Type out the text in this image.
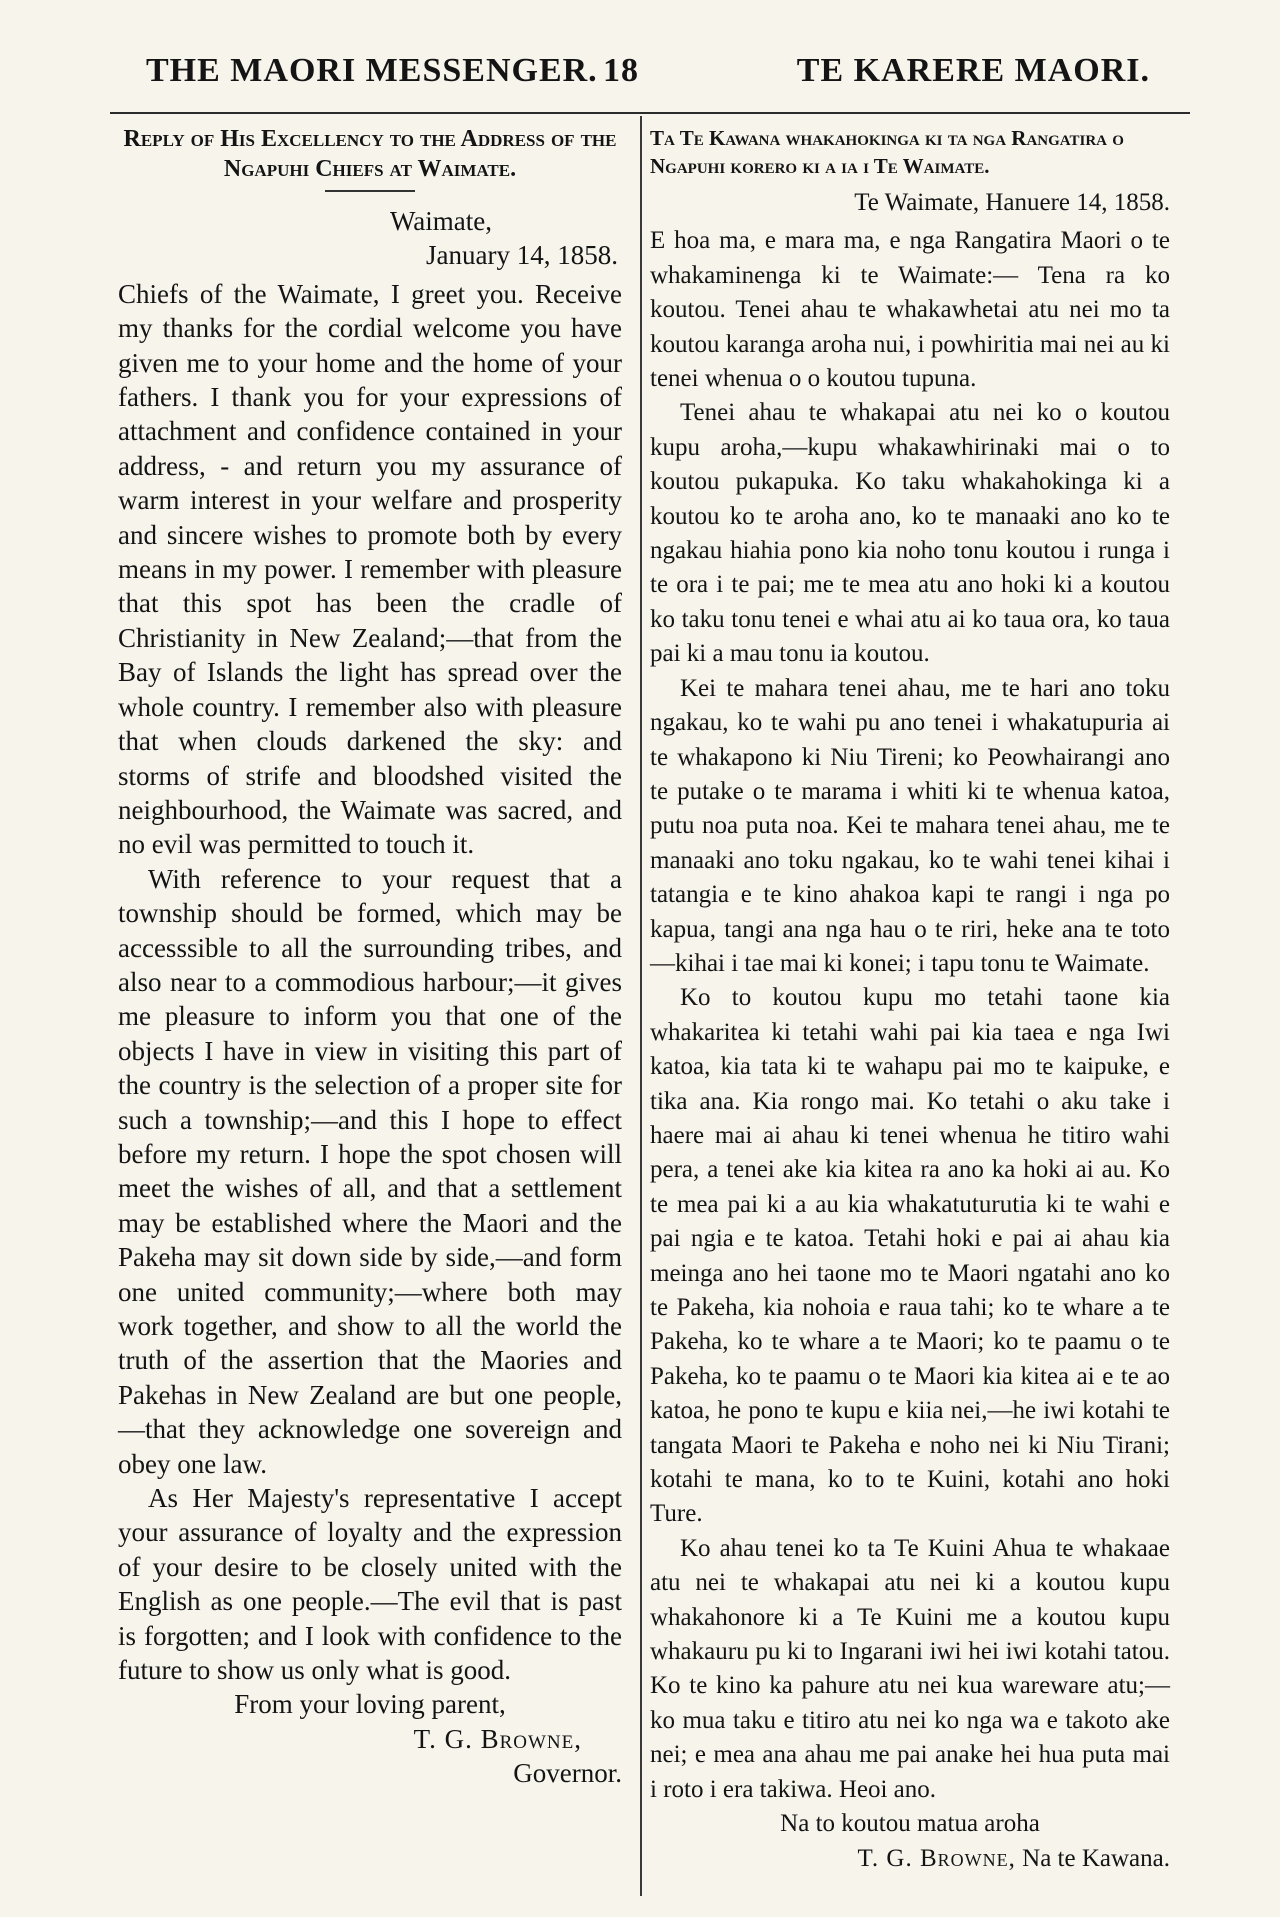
THE MAORI MESSENGER. 18	TE KARERE MAORI.
Reply of His Excellency to the Address of the Ngapuhi Chiefs at Waimate.

Waimate,

January 14, 1858.

Chiefs of the Waimate, I greet you. Receive my thanks for the cordial welcome you have given me to your home and the home of your fathers. I thank you for your expressions of attachment and confidence contained in your address, - and return you my assurance of warm interest in your welfare and prosperity and sincere wishes to promote both by every means in my power. I remember with pleasure that this spot has been the cradle of Christianity in New Zealand;—that from the Bay of Islands the light has spread over the whole country. I remember also with pleasure that when clouds darkened the sky: and storms of strife and bloodshed visited the neighbourhood, the Waimate was sacred, and no evil was permitted to touch it.

With reference to your request that a township should be formed, which may be accesssible to all the surrounding tribes, and also near to a commodious harbour;—it gives me pleasure to inform you that one of the objects I have in view in visiting this part of the country is the selection of a proper site for such a township;—and this I hope to effect before my return. I hope the spot chosen will meet the wishes of all, and that a settlement may be established where the Maori and the Pakeha may sit down side by side,—and form one united community;—where both may work together, and show to all the world the truth of the assertion that the Maories and Pakehas in New Zealand are but one people,—that they acknowledge one sovereign and obey one law.

As Her Majesty's representative I accept your assurance of loyalty and the expression of your desire to be closely united with the English as one people.—The evil that is past is forgotten; and I look with confidence to the future to show us only what is good.

From your loving parent,

T. G. Browne,

Governor.

Ta Te Kawana whakahokinga ki ta nga Rangatira o Ngapuhi korero ki a ia i Te Waimate.

Te Waimate, Hanuere 14, 1858.

E hoa ma, e mara ma, e nga Rangatira Maori o te whakaminenga ki te Waimate:— Tena ra ko koutou. Tenei ahau te whakawhetai atu nei mo ta koutou karanga aroha nui, i powhiritia mai nei au ki tenei whenua o o koutou tupuna.

Tenei ahau te whakapai atu nei ko o koutou kupu aroha,—kupu whakawhirinaki mai o to koutou pukapuka. Ko taku whakahokinga ki a koutou ko te aroha ano, ko te manaaki ano ko te ngakau hiahia pono kia noho tonu koutou i runga i te ora i te pai; me te mea atu ano hoki ki a koutou ko taku tonu tenei e whai atu ai ko taua ora, ko taua pai ki a mau tonu ia koutou.

Kei te mahara tenei ahau, me te hari ano toku ngakau, ko te wahi pu ano tenei i whakatupuria ai te whakapono ki Niu Tireni; ko Peowhairangi ano te putake o te marama i whiti ki te whenua katoa, putu noa puta noa. Kei te mahara tenei ahau, me te manaaki ano toku ngakau, ko te wahi tenei kihai i tatangia e te kino ahakoa kapi te rangi i nga po kapua, tangi ana nga hau o te riri, heke ana te toto—kihai i tae mai ki konei; i tapu tonu te Waimate.

Ko to koutou kupu mo tetahi taone kia whakaritea ki tetahi wahi pai kia taea e nga Iwi katoa, kia tata ki te wahapu pai mo te kaipuke, e tika ana. Kia rongo mai. Ko tetahi o aku take i haere mai ai ahau ki tenei whenua he titiro wahi pera, a tenei ake kia kitea ra ano ka hoki ai au. Ko te mea pai ki a au kia whakatuturutia ki te wahi e pai ngia e te katoa. Tetahi hoki e pai ai ahau kia meinga ano hei taone mo te Maori ngatahi ano ko te Pakeha, kia nohoia e raua tahi; ko te whare a te Pakeha, ko te whare a te Maori; ko te paamu o te Pakeha, ko te paamu o te Maori kia kitea ai e te ao katoa, he pono te kupu e kiia nei,—he iwi kotahi te tangata Maori te Pakeha e noho nei ki Niu Tirani; kotahi te mana, ko to te Kuini, kotahi ano hoki Ture.

Ko ahau tenei ko ta Te Kuini Ahua te whakaae atu nei te whakapai atu nei ki a koutou kupu whakahonore ki a Te Kuini me a koutou kupu whakauru pu ki to Ingarani iwi hei iwi kotahi tatou. Ko te kino ka pahure atu nei kua wareware atu;—ko mua taku e titiro atu nei ko nga wa e takoto ake nei; e mea ana ahau me pai anake hei hua puta mai i roto i era takiwa. Heoi ano.

Na to koutou matua aroha

T. G. Browne, Na te Kawana.
